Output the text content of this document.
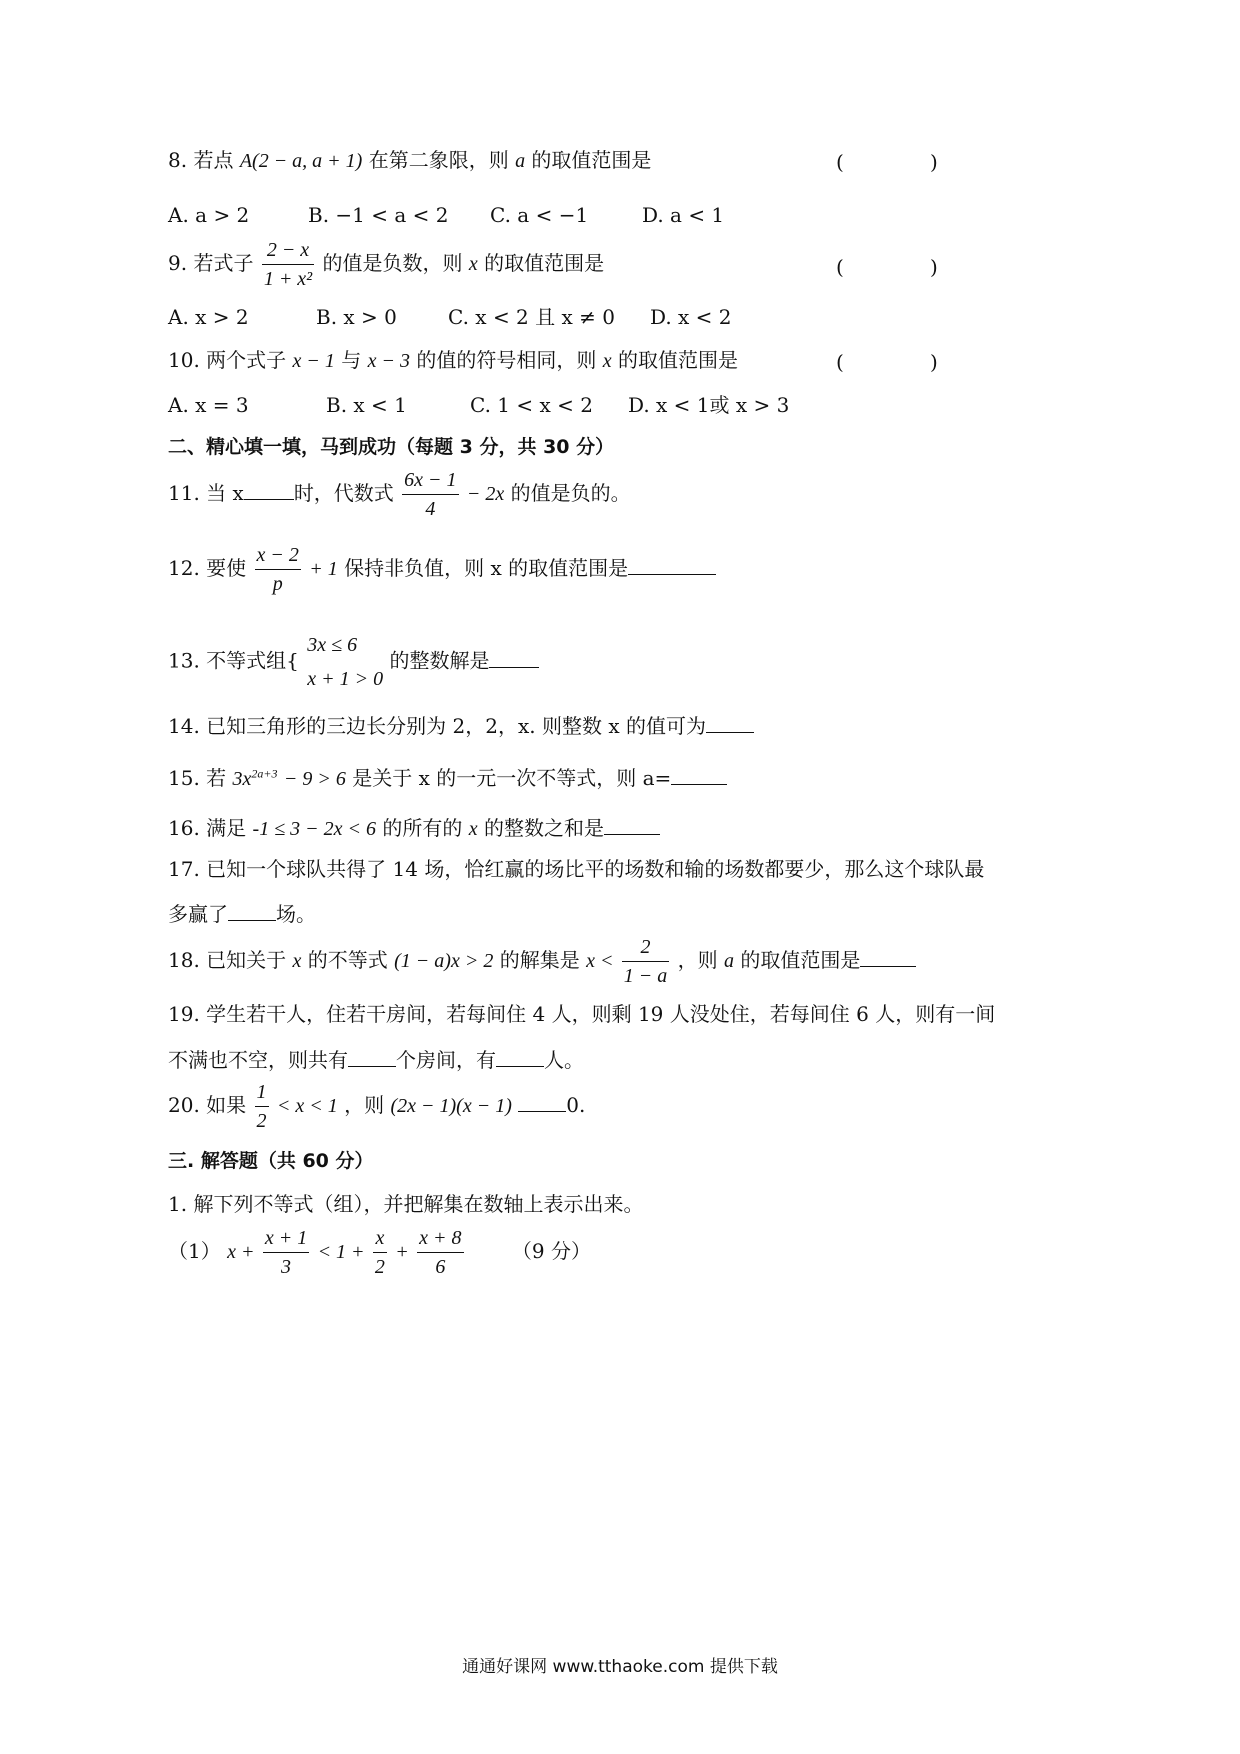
8. 若点 A(2 − a, a + 1) 在第二象限，则 a 的取值范围是	(	)
A. a > 2	B. −1 < a < 2 C. a < −1	D. a < 1
9. 若式子 $\frac{2 - x}{\text{1 + x²}}$ 的值是负数，则 x 的取值范围是	(	)
A. x > 2	B. x > 0	C. x < 2 且 x ≠ 0 D. x < 2
10. 两个式子 x − 1 与 x − 3 的值的符号相同，则 x 的取值范围是	(	)
A. x = 3	B. x < 1	C. 1 < x < 2 D. x < 1或 x > 3
二、精心填一填，马到成功（每题 3 分，共 30 分）
11. 当 x	时，代数式 $\frac{6x - 1}{4} - 2x$ 的值是负的。
12. 要使 $\frac{x - 2}{p} + 1$ 保持非负值，则 x 的取值范围是
13. 不等式组{
3x ≤ 6
x + 1 > 0
的整数解是
14. 已知三角形的三边长分别为 2，2，x. 则整数 x 的值可为
15. 若 $3x^{2a+3} - 9 > 6$ 是关于 x 的一元一次不等式，则 a=
16. 满足 -1 ≤ 3 − 2x < 6 的所有的 x 的整数之和是
17. 已知一个球队共得了 14 场，恰红赢的场比平的场数和输的场数都要少，那么这个球队最
多赢了 场。
18. 已知关于 x 的不等式 (1 − a)x > 2 的解集是 $x < \frac{2}{1 - a}$ ，则 a 的取值范围是
19. 学生若干人，住若干房间，若每间住 4 人，则剩 19 人没处住，若每间住 6 人，则有一间
不满也不空，则共有 个房间，有 人。
20. 如果 $\frac{1}{2} < x < 1$ ，则 (2x − 1)(x − 1)	0.
三. 解答题（共 60 分）
1. 解下列不等式（组），并把解集在数轴上表示出来。
（1） $x + \frac{x + 1}{3} < 1 + \frac{x}{2} + \frac{x + 8}{6} (9$ 分）
通通好课网 www.tthaoke.com 提供下载
